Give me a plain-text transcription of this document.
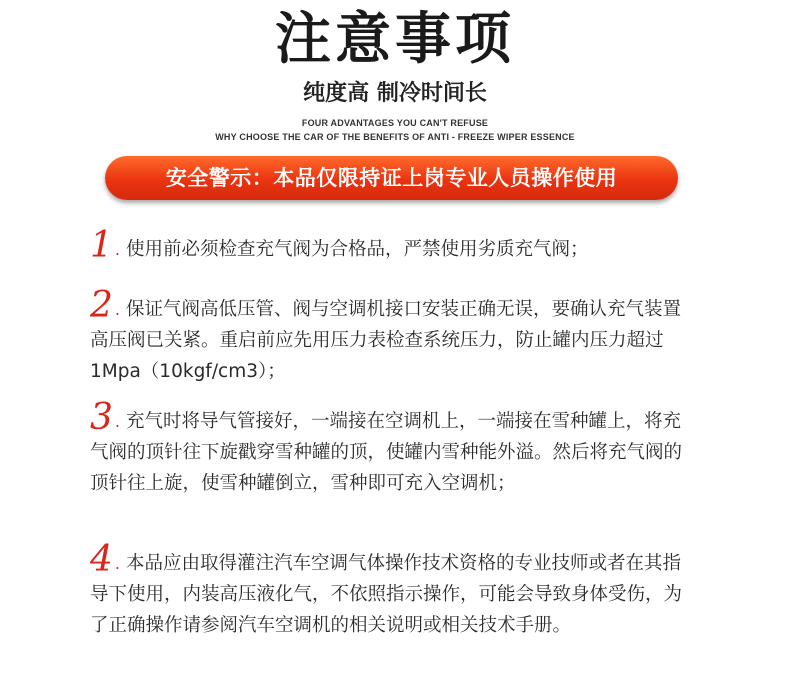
注意事项
纯度高 制冷时间长
FOUR ADVANTAGES YOU CAN'T REFUSE
WHY CHOOSE THE CAR OF THE BENEFITS OF ANTI - FREEZE WIPER ESSENCE
安全警示：本品仅限持证上岗专业人员操作使用
1 . 使用前必须检查充气阀为合格品，严禁使用劣质充气阀；
2 . 保证气阀高低压管、阀与空调机接口安装正确无误，要确认充气装置高压阀已关紧。重启前应先用压力表检查系统压力，防止罐内压力超过1Mpa（10kgf/cm3）；
3 . 充气时将导气管接好，一端接在空调机上，一端接在雪种罐上，将充气阀的顶针往下旋戳穿雪种罐的顶，使罐内雪种能外溢。然后将充气阀的顶针往上旋，使雪种罐倒立，雪种即可充入空调机；
4 . 本品应由取得灌注汽车空调气体操作技术资格的专业技师或者在其指导下使用，内装高压液化气，不依照指示操作，可能会导致身体受伤，为了正确操作请参阅汽车空调机的相关说明或相关技术手册。
